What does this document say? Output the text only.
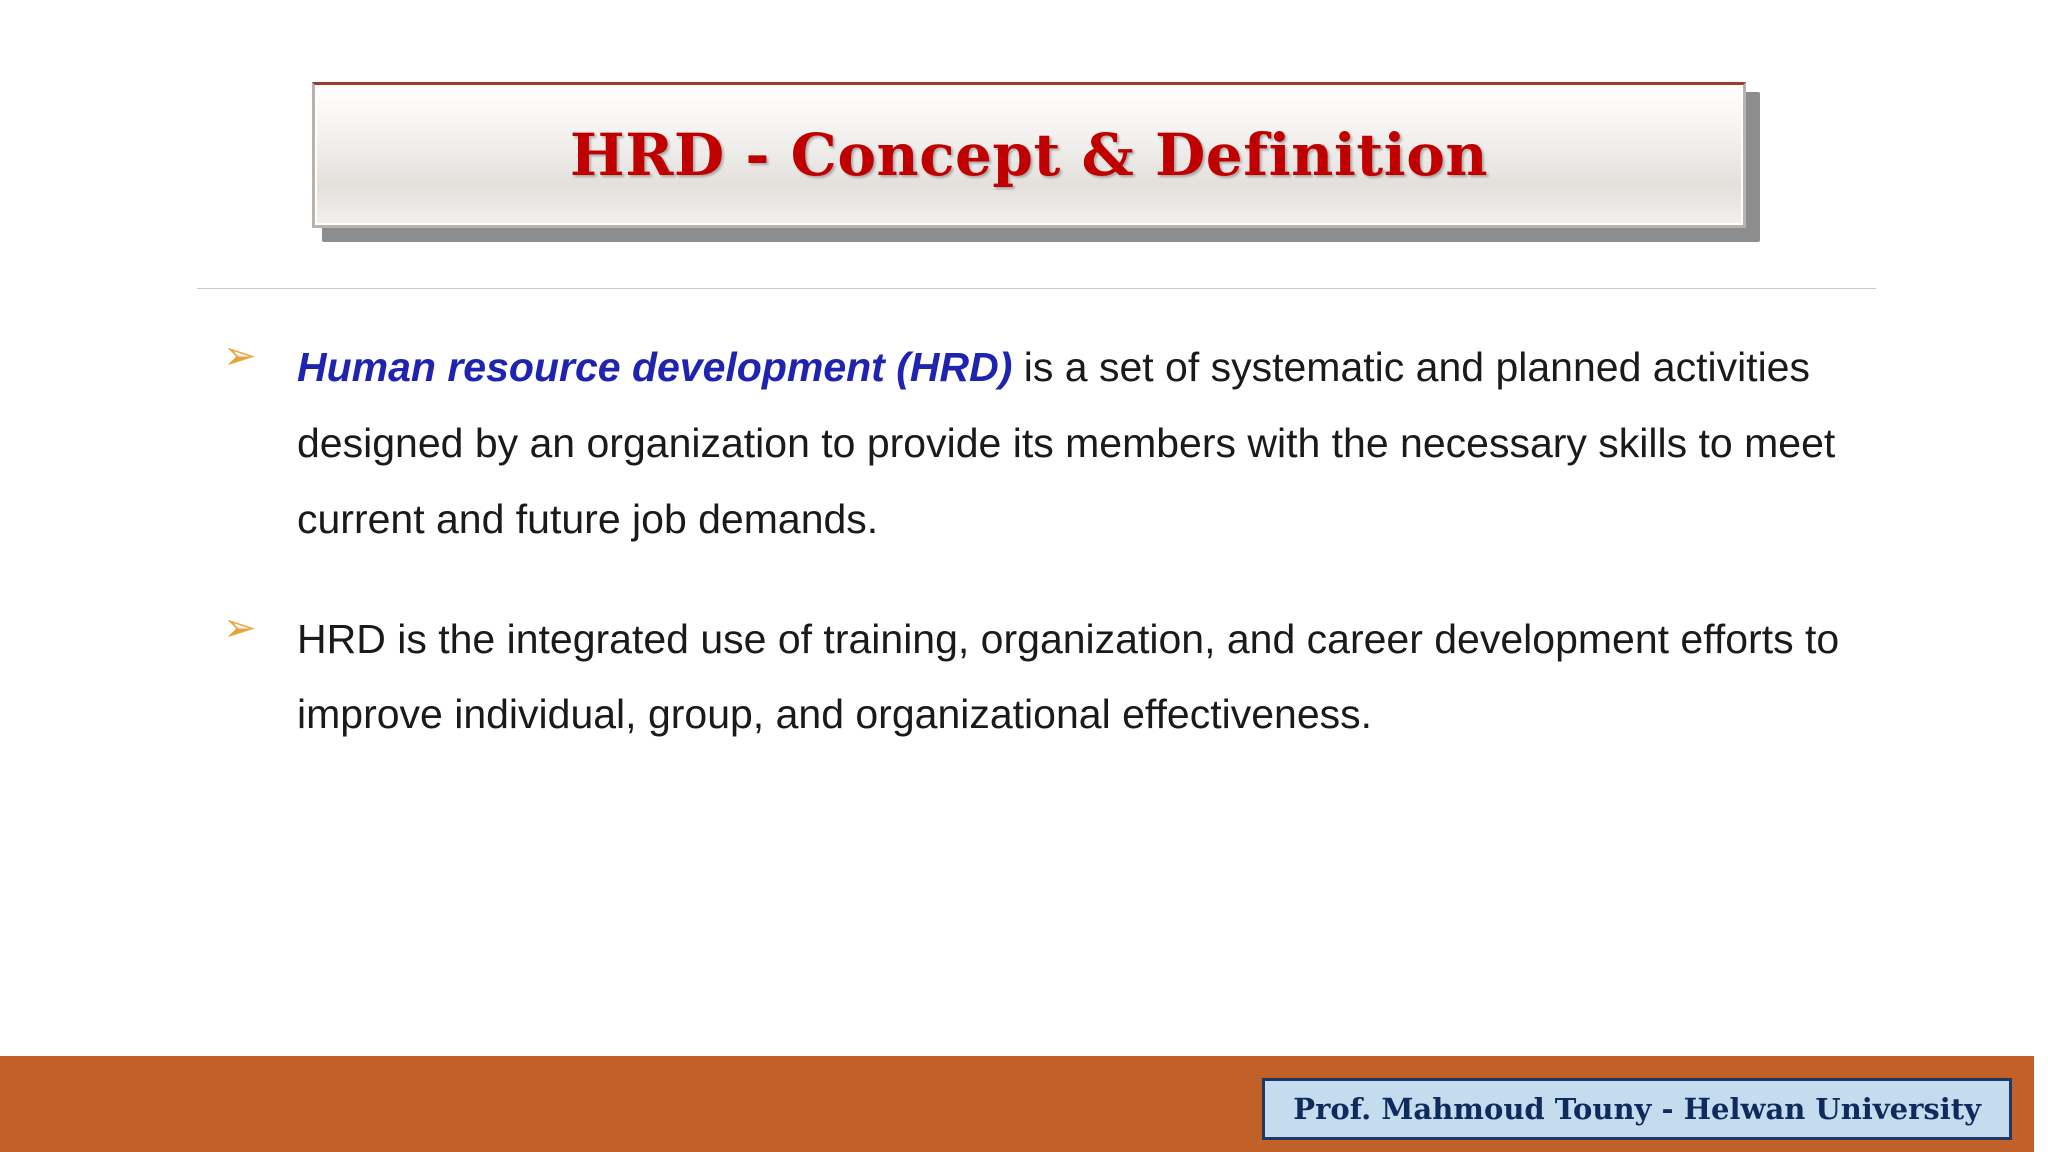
HRD - Concept & Definition
➢ Human resource development (HRD) is a set of systematic and planned activities designed by an organization to provide its members with the necessary skills to meet current and future job demands.

➢ HRD is the integrated use of training, organization, and career development efforts to improve individual, group, and organizational effectiveness.

Prof. Mahmoud Touny - Helwan University
